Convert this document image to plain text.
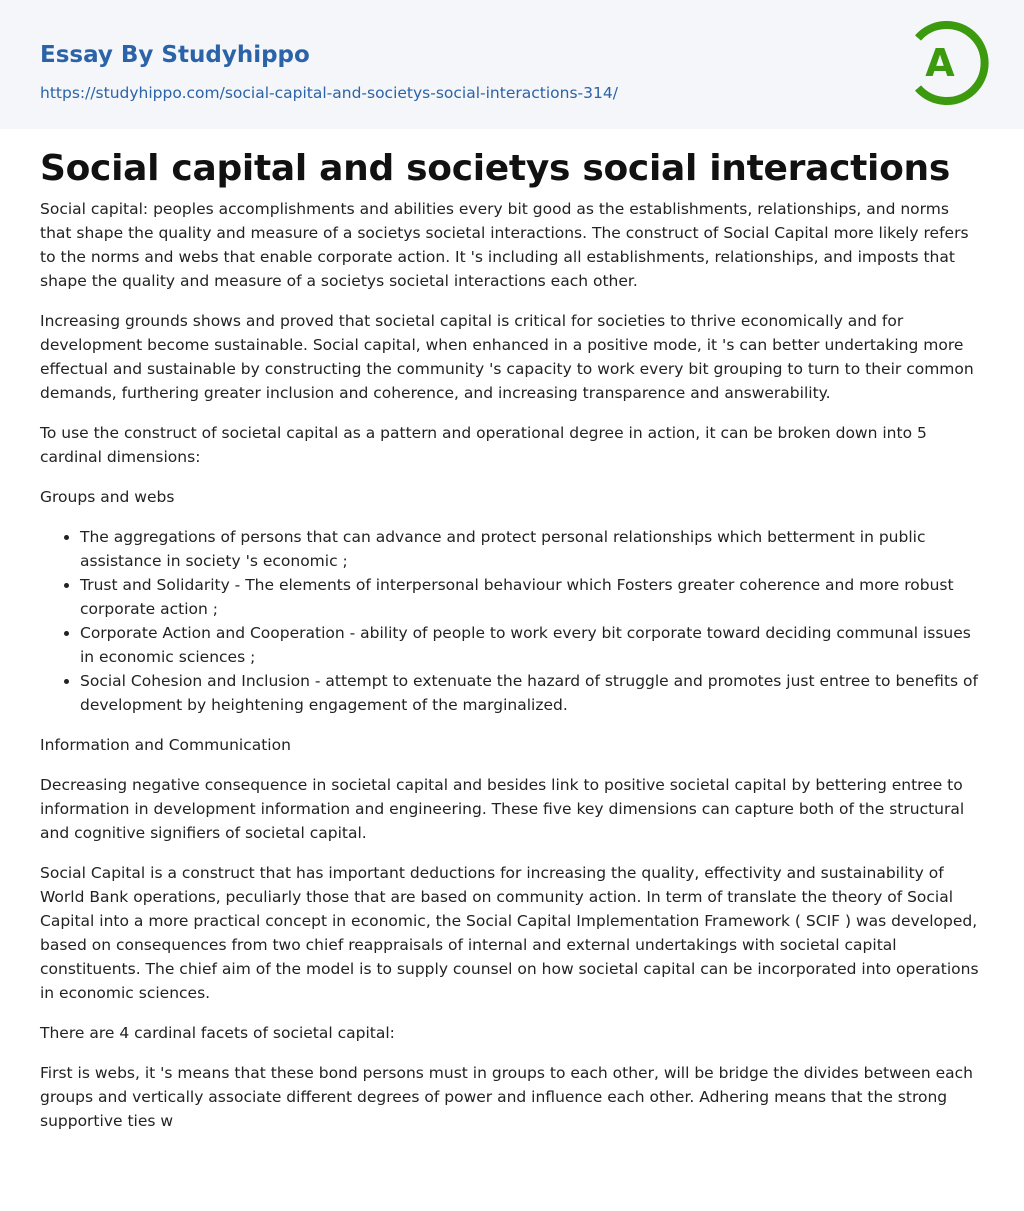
Essay By Studyhippo
https://studyhippo.com/social-capital-and-societys-social-interactions-314/
A
Social capital and societys social interactions

Social capital: peoples accomplishments and abilities every bit good as the establishments, relationships, and norms that shape the quality and measure of a societys societal interactions. The construct of Social Capital more likely refers to the norms and webs that enable corporate action. It 's including all establishments, relationships, and imposts that shape the quality and measure of a societys societal interactions each other.

Increasing grounds shows and proved that societal capital is critical for societies to thrive economically and for development become sustainable. Social capital, when enhanced in a positive mode, it 's can better undertaking more effectual and sustainable by constructing the community 's capacity to work every bit grouping to turn to their common demands, furthering greater inclusion and coherence, and increasing transparence and answerability.

To use the construct of societal capital as a pattern and operational degree in action, it can be broken down into 5 cardinal dimensions:

Groups and webs

• The aggregations of persons that can advance and protect personal relationships which betterment in public assistance in society 's economic ;
• Trust and Solidarity - The elements of interpersonal behaviour which Fosters greater coherence and more robust corporate action ;
• Corporate Action and Cooperation - ability of people to work every bit corporate toward deciding communal issues in economic sciences ;
• Social Cohesion and Inclusion - attempt to extenuate the hazard of struggle and promotes just entree to benefits of development by heightening engagement of the marginalized.

Information and Communication

Decreasing negative consequence in societal capital and besides link to positive societal capital by bettering entree to information in development information and engineering. These five key dimensions can capture both of the structural and cognitive signifiers of societal capital.

Social Capital is a construct that has important deductions for increasing the quality, effectivity and sustainability of World Bank operations, peculiarly those that are based on community action. In term of translate the theory of Social Capital into a more practical concept in economic, the Social Capital Implementation Framework ( SCIF ) was developed, based on consequences from two chief reappraisals of internal and external undertakings with societal capital constituents. The chief aim of the model is to supply counsel on how societal capital can be incorporated into operations in economic sciences.

There are 4 cardinal facets of societal capital:

First is webs, it 's means that these bond persons must in groups to each other, will be bridge the divides between each groups and vertically associate different degrees of power and influence each other. Adhering means that the strong supportive ties w
